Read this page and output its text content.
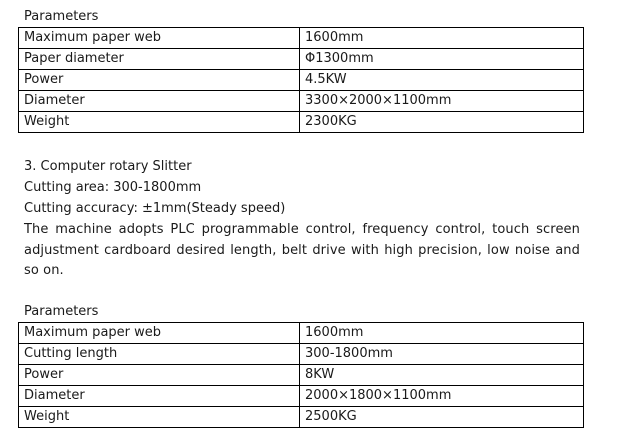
Parameters
Maximum paper web	1600mm
Paper diameter	Φ1300mm
Power	4.5KW
Diameter	3300×2000×1100mm
Weight	2300KG
3. Computer rotary Slitter
Cutting area: 300-1800mm
Cutting accuracy: ±1mm(Steady speed)
The machine adopts PLC programmable control, frequency control, touch screen adjustment cardboard desired length, belt drive with high precision, low noise and so on.
Parameters
Maximum paper web	1600mm
Cutting length	300-1800mm
Power	8KW
Diameter	2000×1800×1100mm
Weight	2500KG
